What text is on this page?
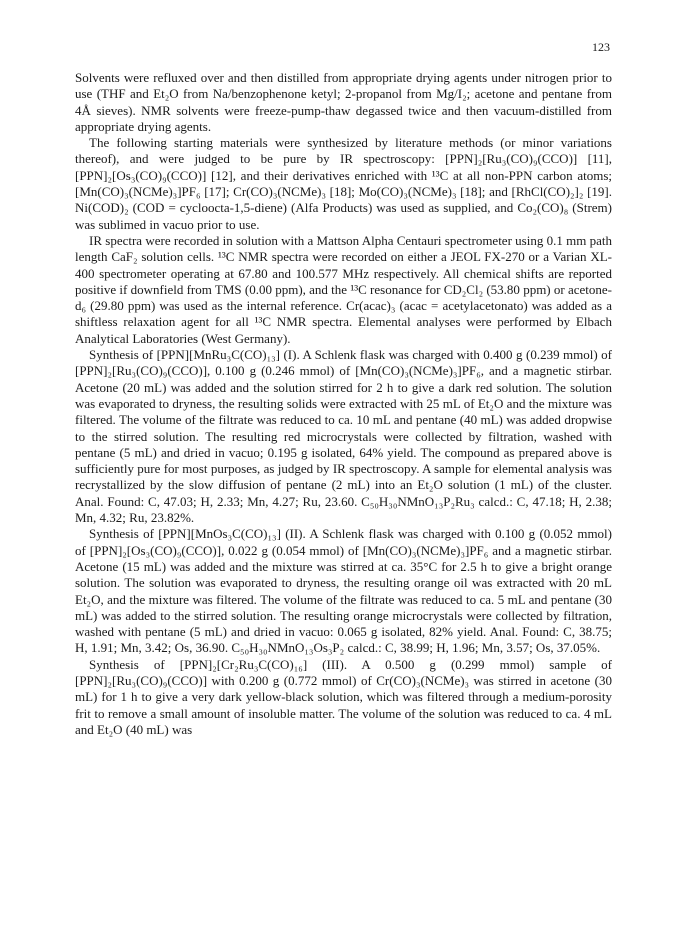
123

Solvents were refluxed over and then distilled from appropriate drying agents under nitrogen prior to use (THF and Et₂O from Na/benzophenone ketyl; 2-propanol from Mg/I₂; acetone and pentane from 4Å sieves). NMR solvents were freeze-pump-thaw degassed twice and then vacuum-distilled from appropriate drying agents.

The following starting materials were synthesized by literature methods (or minor variations thereof), and were judged to be pure by IR spectroscopy: [PPN]₂[Ru₃(CO)₉(CCO)] [11], [PPN]₂[Os₃(CO)₉(CCO)] [12], and their derivatives enriched with ¹³C at all non-PPN carbon atoms; [Mn(CO)₃(NCMe)₃]PF₆ [17]; Cr(CO)₃(NCMe)₃ [18]; Mo(CO)₃(NCMe)₃ [18]; and [RhCl(CO)₂]₂ [19]. Ni(COD)₂ (COD = cycloocta-1,5-diene) (Alfa Products) was used as supplied, and Co₂(CO)₈ (Strem) was sublimed in vacuo prior to use.

IR spectra were recorded in solution with a Mattson Alpha Centauri spectrometer using 0.1 mm path length CaF₂ solution cells. ¹³C NMR spectra were recorded on either a JEOL FX-270 or a Varian XL-400 spectrometer operating at 67.80 and 100.577 MHz respectively. All chemical shifts are reported positive if downfield from TMS (0.00 ppm), and the ¹³C resonance for CD₂Cl₂ (53.80 ppm) or acetone-d₆ (29.80 ppm) was used as the internal reference. Cr(acac)₃ (acac = acetylacetonato) was added as a shiftless relaxation agent for all ¹³C NMR spectra. Elemental analyses were performed by Elbach Analytical Laboratories (West Germany).

Synthesis of [PPN][MnRu₃C(CO)₁₃] (I). A Schlenk flask was charged with 0.400 g (0.239 mmol) of [PPN]₂[Ru₃(CO)₉(CCO)], 0.100 g (0.246 mmol) of [Mn(CO)₃(NCMe)₃]PF₆, and a magnetic stirbar. Acetone (20 mL) was added and the solution stirred for 2 h to give a dark red solution. The solution was evaporated to dryness, the resulting solids were extracted with 25 mL of Et₂O and the mixture was filtered. The volume of the filtrate was reduced to ca. 10 mL and pentane (40 mL) was added dropwise to the stirred solution. The resulting red microcrystals were collected by filtration, washed with pentane (5 mL) and dried in vacuo; 0.195 g isolated, 64% yield. The compound as prepared above is sufficiently pure for most purposes, as judged by IR spectroscopy. A sample for elemental analysis was recrystallized by the slow diffusion of pentane (2 mL) into an Et₂O solution (1 mL) of the cluster. Anal. Found: C, 47.03; H, 2.33; Mn, 4.27; Ru, 23.60. C₅₀H₃₀NMnO₁₃P₂Ru₃ calcd.: C, 47.18; H, 2.38; Mn, 4.32; Ru, 23.82%.

Synthesis of [PPN][MnOs₃C(CO)₁₃] (II). A Schlenk flask was charged with 0.100 g (0.052 mmol) of [PPN]₂[Os₃(CO)₉(CCO)], 0.022 g (0.054 mmol) of [Mn(CO)₃(NCMe)₃]PF₆ and a magnetic stirbar. Acetone (15 mL) was added and the mixture was stirred at ca. 35°C for 2.5 h to give a bright orange solution. The solution was evaporated to dryness, the resulting orange oil was extracted with 20 mL Et₂O, and the mixture was filtered. The volume of the filtrate was reduced to ca. 5 mL and pentane (30 mL) was added to the stirred solution. The resulting orange microcrystals were collected by filtration, washed with pentane (5 mL) and dried in vacuo: 0.065 g isolated, 82% yield. Anal. Found: C, 38.75; H, 1.91; Mn, 3.42; Os, 36.90. C₅₀H₃₀NMnO₁₃Os₃P₂ calcd.: C, 38.99; H, 1.96; Mn, 3.57; Os, 37.05%.

Synthesis of [PPN]₂[Cr₂Ru₃C(CO)₁₆] (III). A 0.500 g (0.299 mmol) sample of [PPN]₂[Ru₃(CO)₉(CCO)] with 0.200 g (0.772 mmol) of Cr(CO)₃(NCMe)₃ was stirred in acetone (30 mL) for 1 h to give a very dark yellow-black solution, which was filtered through a medium-porosity frit to remove a small amount of insoluble matter. The volume of the solution was reduced to ca. 4 mL and Et₂O (40 mL) was
